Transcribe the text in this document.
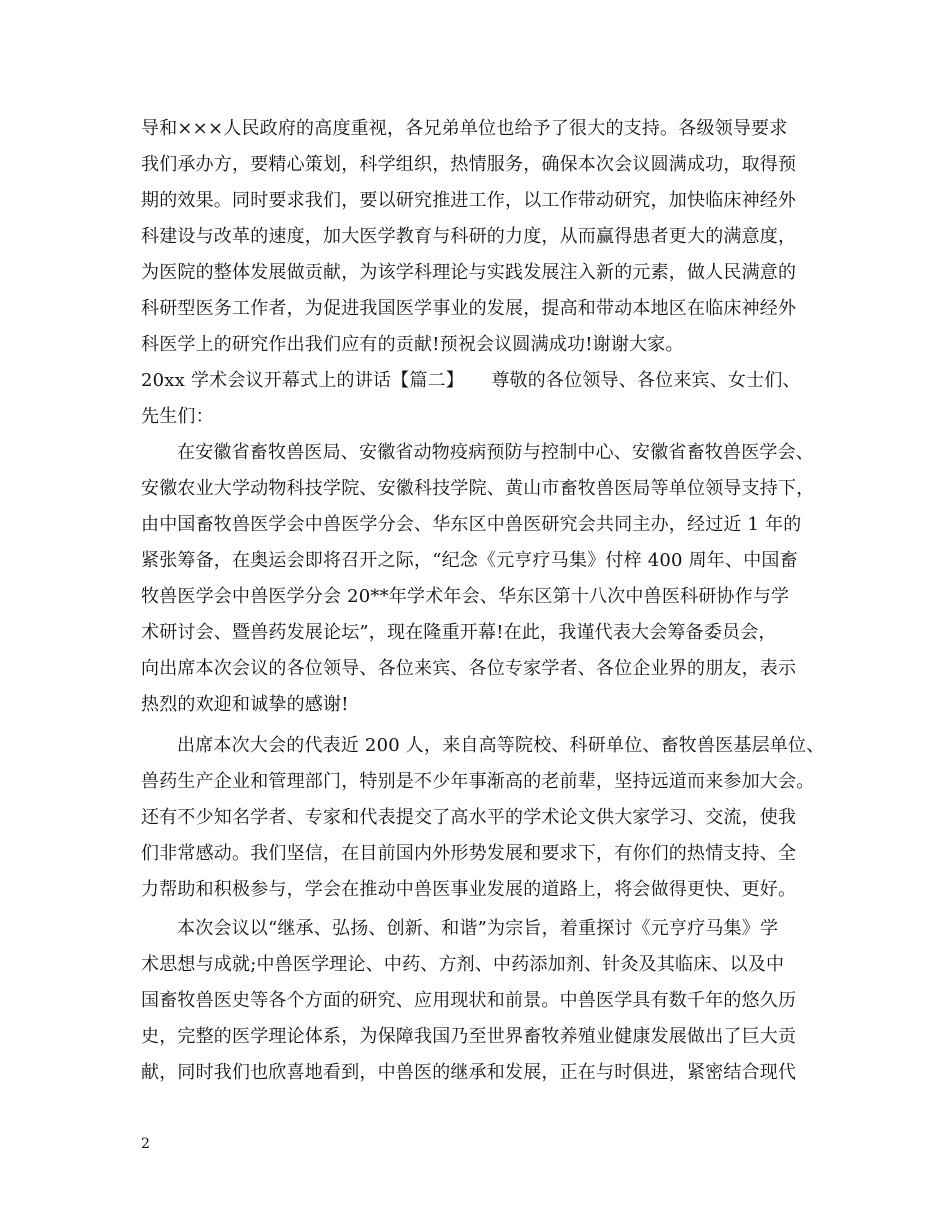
导和×××人民政府的高度重视，各兄弟单位也给予了很大的支持。各级领导要求
我们承办方，要精心策划，科学组织，热情服务，确保本次会议圆满成功，取得预
期的效果。同时要求我们，要以研究推进工作，以工作带动研究，加快临床神经外
科建设与改革的速度，加大医学教育与科研的力度，从而赢得患者更大的满意度，
为医院的整体发展做贡献，为该学科理论与实践发展注入新的元素，做人民满意的
科研型医务工作者，为促进我国医学事业的发展，提高和带动本地区在临床神经外
科医学上的研究作出我们应有的贡献!预祝会议圆满成功!谢谢大家。
20xx 学术会议开幕式上的讲话【篇二】　　尊敬的各位领导、各位来宾、女士们、
先生们：
在安徽省畜牧兽医局、安徽省动物疫病预防与控制中心、安徽省畜牧兽医学会、
安徽农业大学动物科技学院、安徽科技学院、黄山市畜牧兽医局等单位领导支持下，
由中国畜牧兽医学会中兽医学分会、华东区中兽医研究会共同主办，经过近 1 年的
紧张筹备，在奥运会即将召开之际，“纪念《元亨疗马集》付梓 400 周年、中国畜
牧兽医学会中兽医学分会 20**年学术年会、华东区第十八次中兽医科研协作与学
术研讨会、暨兽药发展论坛”，现在隆重开幕!在此，我谨代表大会筹备委员会，
向出席本次会议的各位领导、各位来宾、各位专家学者、各位企业界的朋友，表示
热烈的欢迎和诚挚的感谢!
出席本次大会的代表近 200 人，来自高等院校、科研单位、畜牧兽医基层单位、
兽药生产企业和管理部门，特别是不少年事渐高的老前辈，坚持远道而来参加大会。
还有不少知名学者、专家和代表提交了高水平的学术论文供大家学习、交流，使我
们非常感动。我们坚信，在目前国内外形势发展和要求下，有你们的热情支持、全
力帮助和积极参与，学会在推动中兽医事业发展的道路上，将会做得更快、更好。
本次会议以“继承、弘扬、创新、和谐”为宗旨，着重探讨《元亨疗马集》学
术思想与成就;中兽医学理论、中药、方剂、中药添加剂、针灸及其临床、以及中
国畜牧兽医史等各个方面的研究、应用现状和前景。中兽医学具有数千年的悠久历
史，完整的医学理论体系，为保障我国乃至世界畜牧养殖业健康发展做出了巨大贡
献，同时我们也欣喜地看到，中兽医的继承和发展，正在与时俱进，紧密结合现代
2
